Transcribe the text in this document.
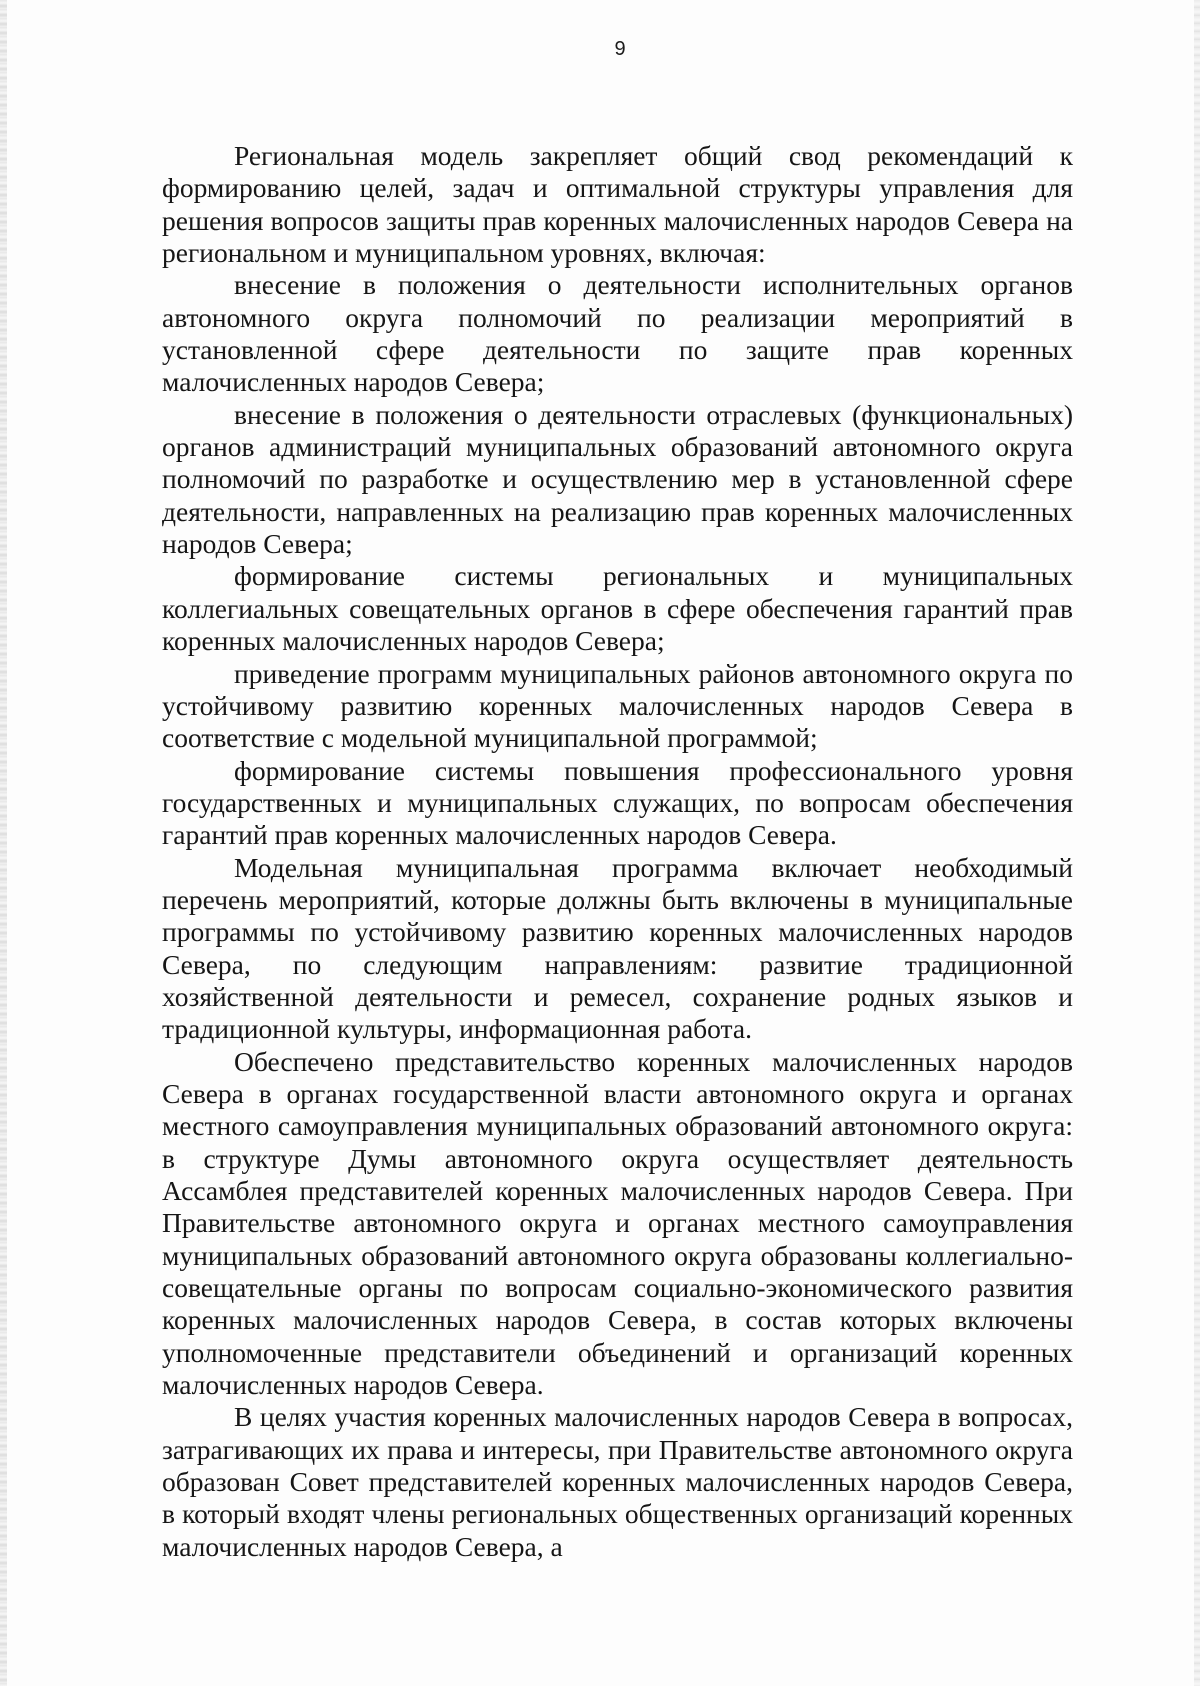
9

Региональная модель закрепляет общий свод рекомендаций к формированию целей, задач и оптимальной структуры управления для решения вопросов защиты прав коренных малочисленных народов Севера на региональном и муниципальном уровнях, включая:

внесение в положения о деятельности исполнительных органов автономного округа полномочий по реализации мероприятий в установленной сфере деятельности по защите прав коренных малочисленных народов Севера;

внесение в положения о деятельности отраслевых (функциональных) органов администраций муниципальных образований автономного округа полномочий по разработке и осуществлению мер в установленной сфере деятельности, направленных на реализацию прав коренных малочисленных народов Севера;

формирование системы региональных и муниципальных коллегиальных совещательных органов в сфере обеспечения гарантий прав коренных малочисленных народов Севера;

приведение программ муниципальных районов автономного округа по устойчивому развитию коренных малочисленных народов Севера в соответствие с модельной муниципальной программой;

формирование системы повышения профессионального уровня государственных и муниципальных служащих, по вопросам обеспечения гарантий прав коренных малочисленных народов Севера.

Модельная муниципальная программа включает необходимый перечень мероприятий, которые должны быть включены в муниципальные программы по устойчивому развитию коренных малочисленных народов Севера, по следующим направлениям: развитие традиционной хозяйственной деятельности и ремесел, сохранение родных языков и традиционной культуры, информационная работа.

Обеспечено представительство коренных малочисленных народов Севера в органах государственной власти автономного округа и органах местного самоуправления муниципальных образований автономного округа: в структуре Думы автономного округа осуществляет деятельность Ассамблея представителей коренных малочисленных народов Севера. При Правительстве автономного округа и органах местного самоуправления муниципальных образований автономного округа образованы коллегиально-совещательные органы по вопросам социально-экономического развития коренных малочисленных народов Севера, в состав которых включены уполномоченные представители объединений и организаций коренных малочисленных народов Севера.

В целях участия коренных малочисленных народов Севера в вопросах, затрагивающих их права и интересы, при Правительстве автономного округа образован Совет представителей коренных малочисленных народов Севера, в который входят члены региональных общественных организаций коренных малочисленных народов Севера, а
